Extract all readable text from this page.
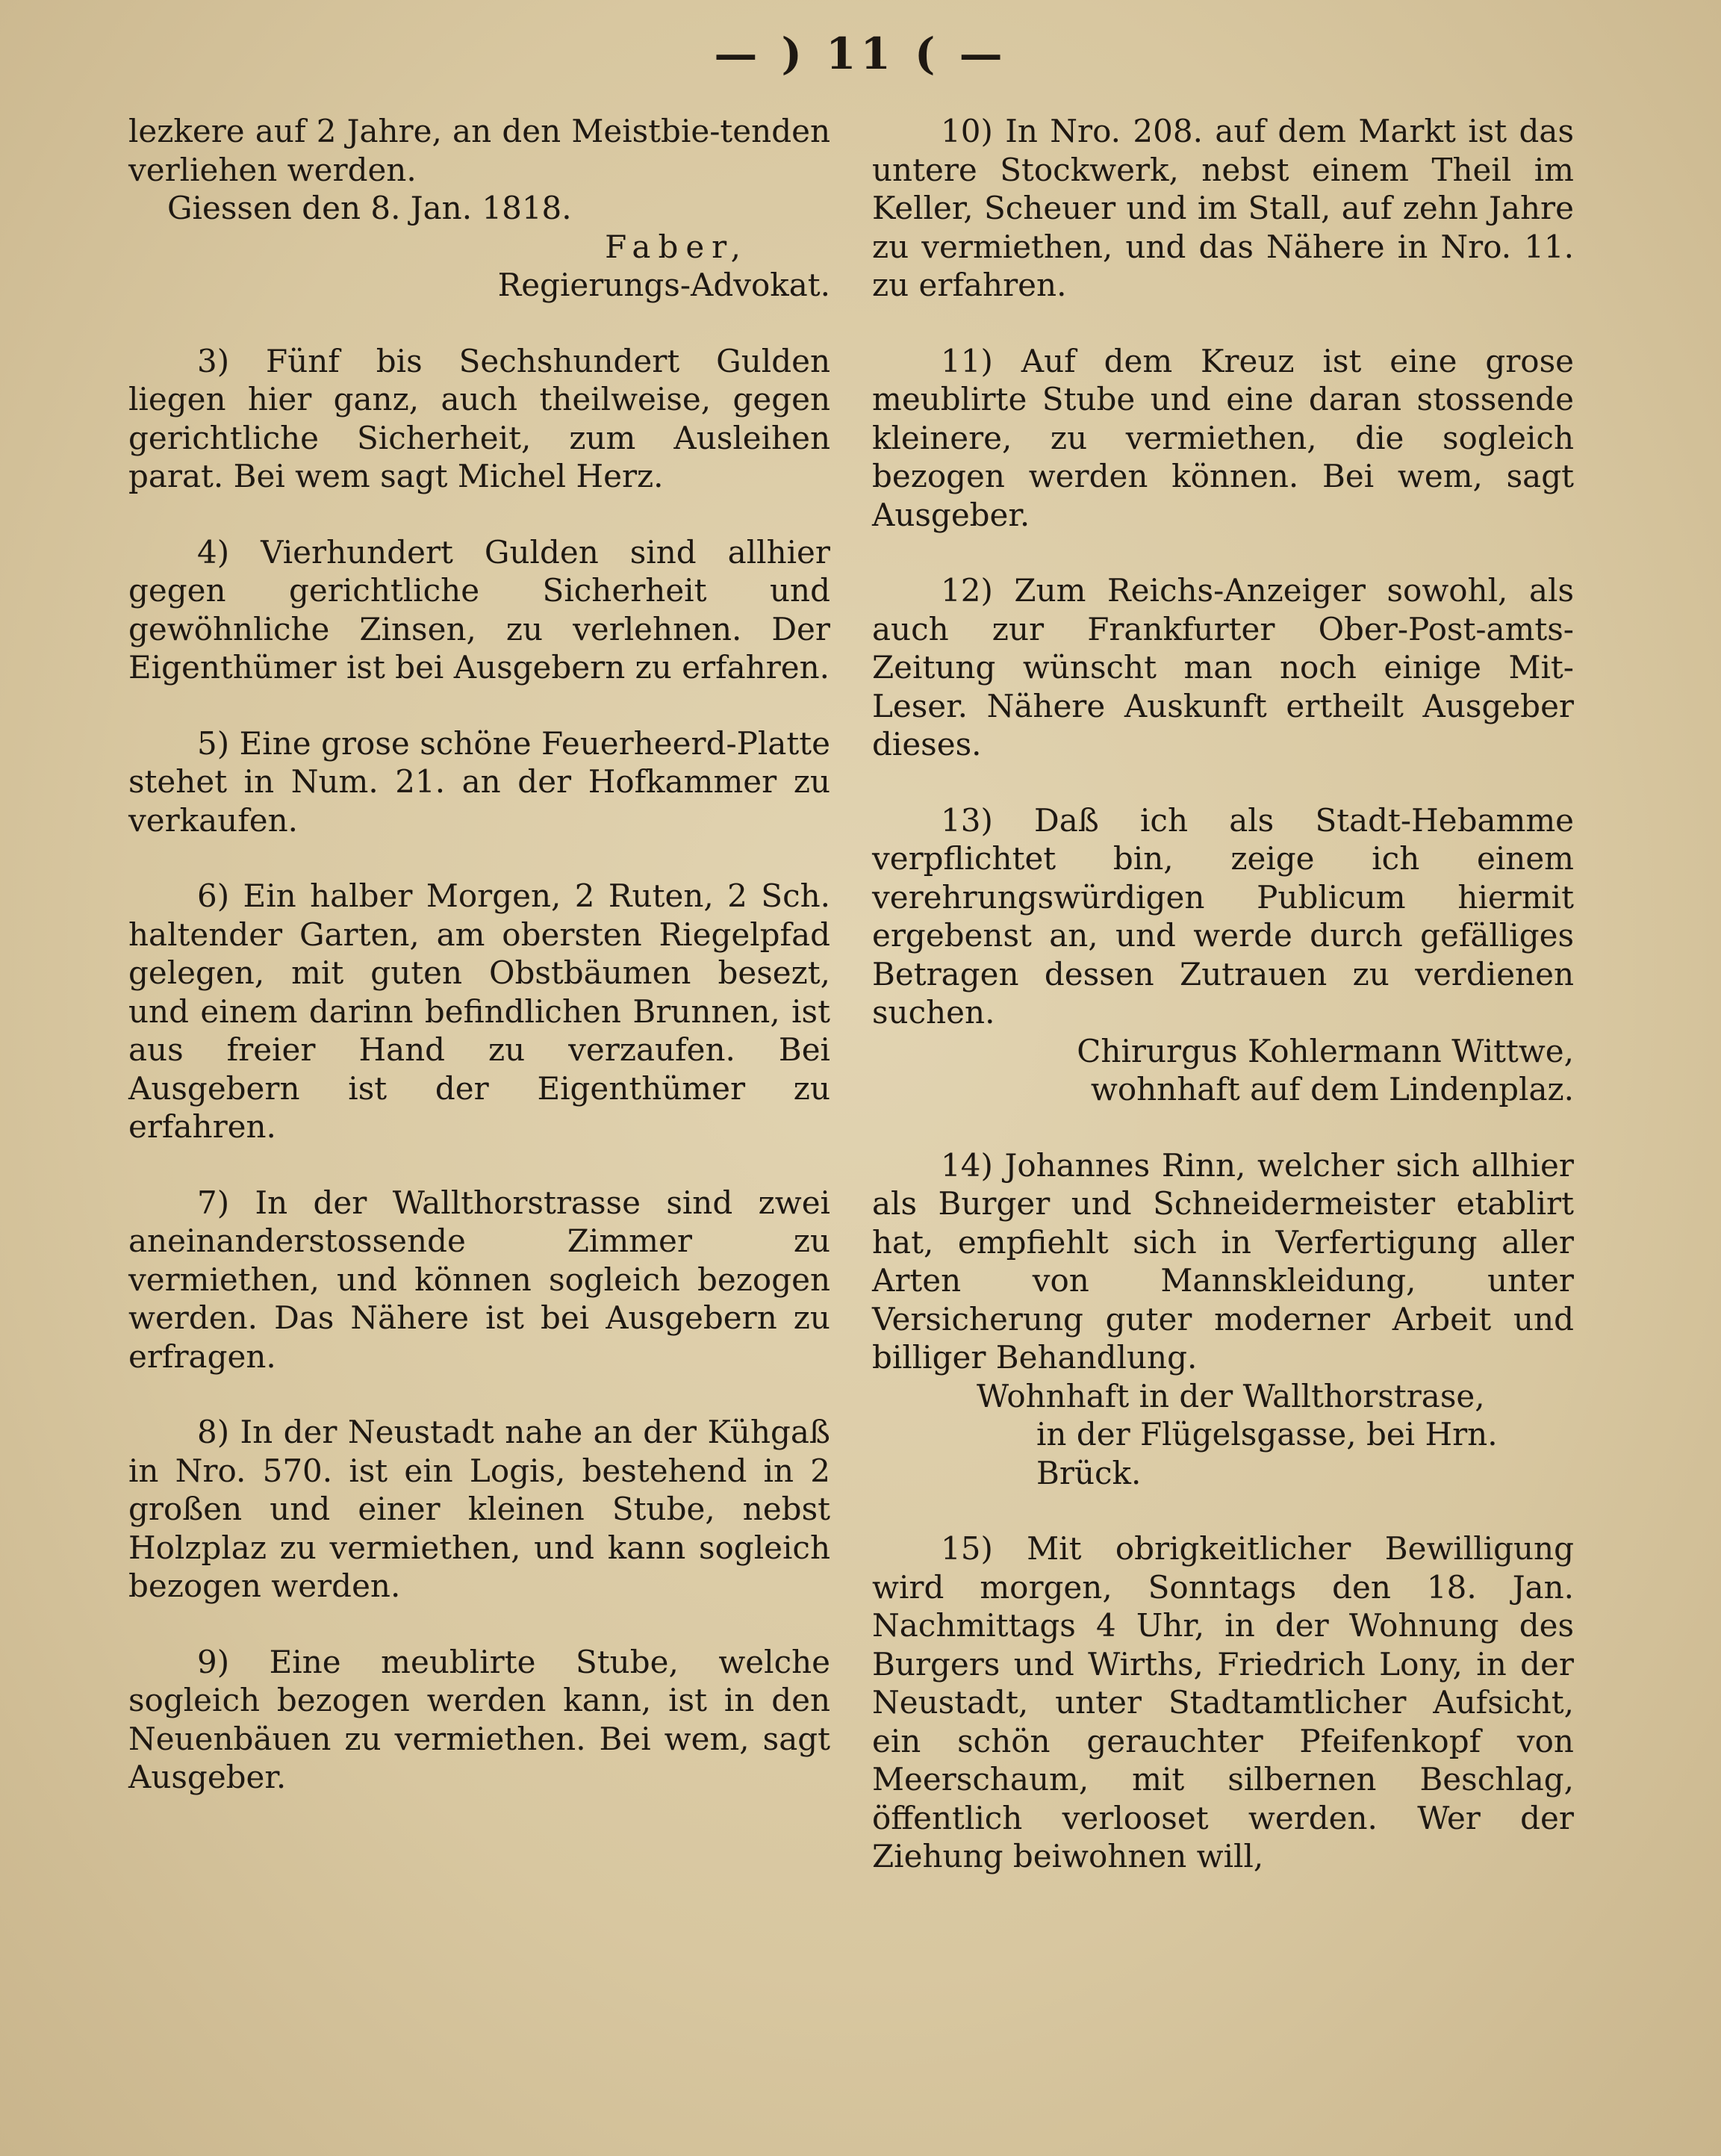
— ) 11 ( —

lezkere auf 2 Jahre, an den Meistbie-tenden verliehen werden.

Giessen den 8. Jan. 1818.

Faber,

Regierungs-Advokat.

3) Fünf bis Sechshundert Gulden liegen hier ganz, auch theilweise, gegen gerichtliche Sicherheit, zum Ausleihen parat. Bei wem sagt Michel Herz.

4) Vierhundert Gulden sind allhier gegen gerichtliche Sicherheit und gewöhnliche Zinsen, zu verlehnen. Der Eigenthümer ist bei Ausgebern zu erfahren.

5) Eine grose schöne Feuerheerd-Platte stehet in Num. 21. an der Hofkammer zu verkaufen.

6) Ein halber Morgen, 2 Ruten, 2 Sch. haltender Garten, am obersten Riegelpfad gelegen, mit guten Obstbäumen besezt, und einem darinn befindlichen Brunnen, ist aus freier Hand zu verzaufen. Bei Ausgebern ist der Eigenthümer zu erfahren.

7) In der Wallthorstrasse sind zwei aneinanderstossende Zimmer zu vermiethen, und können sogleich bezogen werden. Das Nähere ist bei Ausgebern zu erfragen.

8) In der Neustadt nahe an der Kühgaß in Nro. 570. ist ein Logis, bestehend in 2 großen und einer kleinen Stube, nebst Holzplaz zu vermiethen, und kann sogleich bezogen werden.

9) Eine meublirte Stube, welche sogleich bezogen werden kann, ist in den Neuenbäuen zu vermiethen. Bei wem, sagt Ausgeber.

10) In Nro. 208. auf dem Markt ist das untere Stockwerk, nebst einem Theil im Keller, Scheuer und im Stall, auf zehn Jahre zu vermiethen, und das Nähere in Nro. 11. zu erfahren.

11) Auf dem Kreuz ist eine grose meublirte Stube und eine daran stossende kleinere, zu vermiethen, die sogleich bezogen werden können. Bei wem, sagt Ausgeber.

12) Zum Reichs-Anzeiger sowohl, als auch zur Frankfurter Ober-Post-amts-Zeitung wünscht man noch einige Mit-Leser. Nähere Auskunft ertheilt Ausgeber dieses.

13) Daß ich als Stadt-Hebamme verpflichtet bin, zeige ich einem verehrungswürdigen Publicum hiermit ergebenst an, und werde durch gefälliges Betragen dessen Zutrauen zu verdienen suchen.

Chirurgus Kohlermann Wittwe,

wohnhaft auf dem Lindenplaz.

14) Johannes Rinn, welcher sich allhier als Burger und Schneidermeister etablirt hat, empfiehlt sich in Verfertigung aller Arten von Mannskleidung, unter Versicherung guter moderner Arbeit und billiger Behandlung.

Wohnhaft in der Wallthorstrase,

in der Flügelsgasse, bei Hrn. Brück.

15) Mit obrigkeitlicher Bewilligung wird morgen, Sonntags den 18. Jan. Nachmittags 4 Uhr, in der Wohnung des Burgers und Wirths, Friedrich Lony, in der Neustadt, unter Stadtamtlicher Aufsicht, ein schön gerauchter Pfeifenkopf von Meerschaum, mit silbernen Beschlag, öffentlich verlooset werden. Wer der Ziehung beiwohnen will,
